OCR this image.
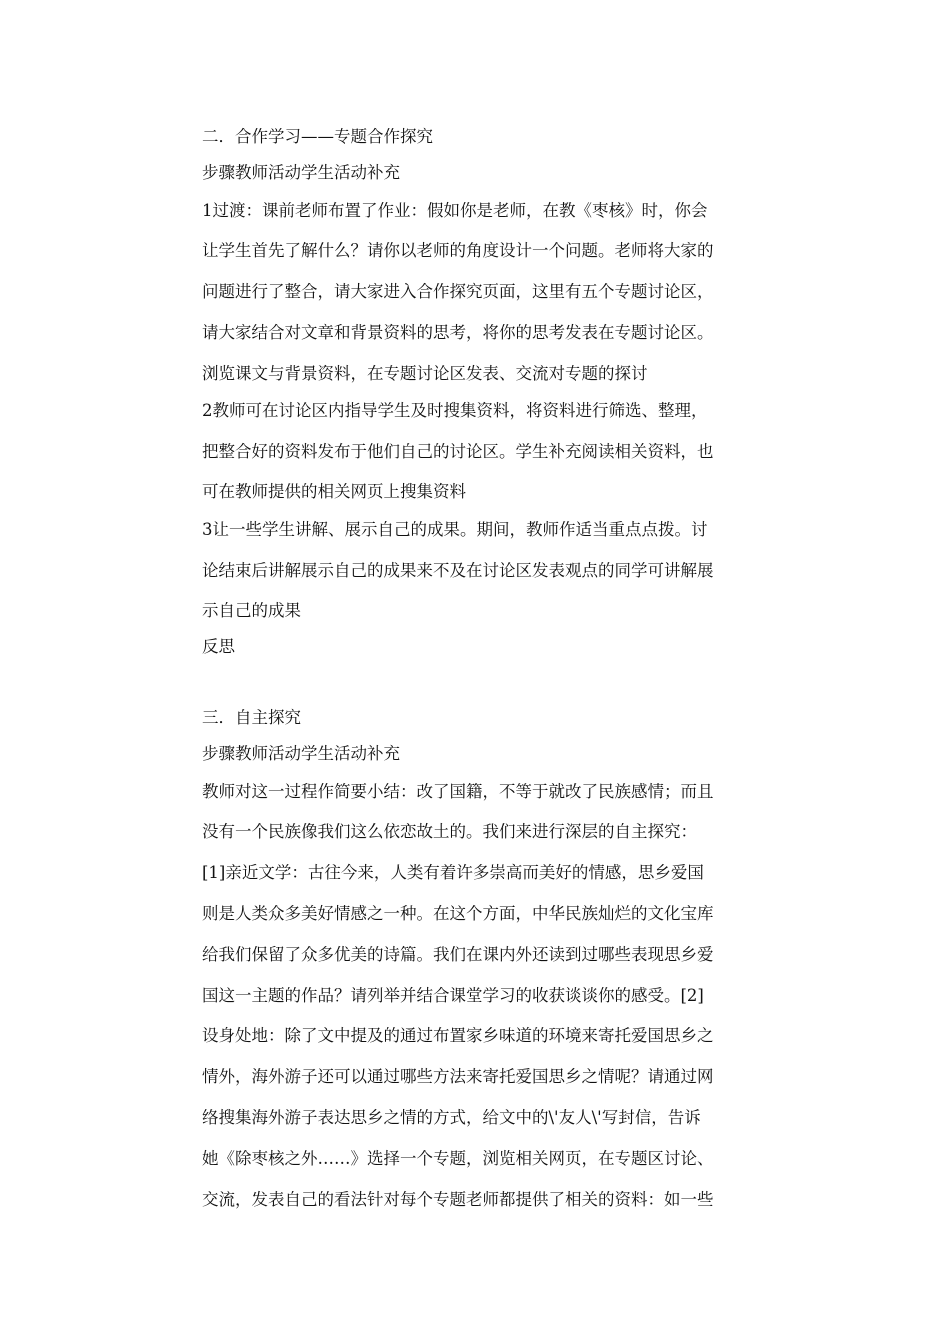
二．合作学习——专题合作探究
步骤教师活动学生活动补充
1过渡：课前老师布置了作业：假如你是老师，在教《枣核》时，你会
让学生首先了解什么？请你以老师的角度设计一个问题。老师将大家的
问题进行了整合，请大家进入合作探究页面，这里有五个专题讨论区，
请大家结合对文章和背景资料的思考，将你的思考发表在专题讨论区。
浏览课文与背景资料，在专题讨论区发表、交流对专题的探讨
2教师可在讨论区内指导学生及时搜集资料，将资料进行筛选、整理，
把整合好的资料发布于他们自己的讨论区。学生补充阅读相关资料，也
可在教师提供的相关网页上搜集资料
3让一些学生讲解、展示自己的成果。期间，教师作适当重点点拨。讨
论结束后讲解展示自己的成果来不及在讨论区发表观点的同学可讲解展
示自己的成果
反思
三．自主探究
步骤教师活动学生活动补充
教师对这一过程作简要小结：改了国籍，不等于就改了民族感情；而且
没有一个民族像我们这么依恋故土的。我们来进行深层的自主探究：
[1]亲近文学：古往今来，人类有着许多崇高而美好的情感，思乡爱国
则是人类众多美好情感之一种。在这个方面，中华民族灿烂的文化宝库
给我们保留了众多优美的诗篇。我们在课内外还读到过哪些表现思乡爱
国这一主题的作品？请列举并结合课堂学习的收获谈谈你的感受。[2]
设身处地：除了文中提及的通过布置家乡味道的环境来寄托爱国思乡之
情外，海外游子还可以通过哪些方法来寄托爱国思乡之情呢？请通过网
络搜集海外游子表达思乡之情的方式，给文中的\'友人\'写封信，告诉
她《除枣核之外……》选择一个专题，浏览相关网页，在专题区讨论、
交流，发表自己的看法针对每个专题老师都提供了相关的资料：如一些
